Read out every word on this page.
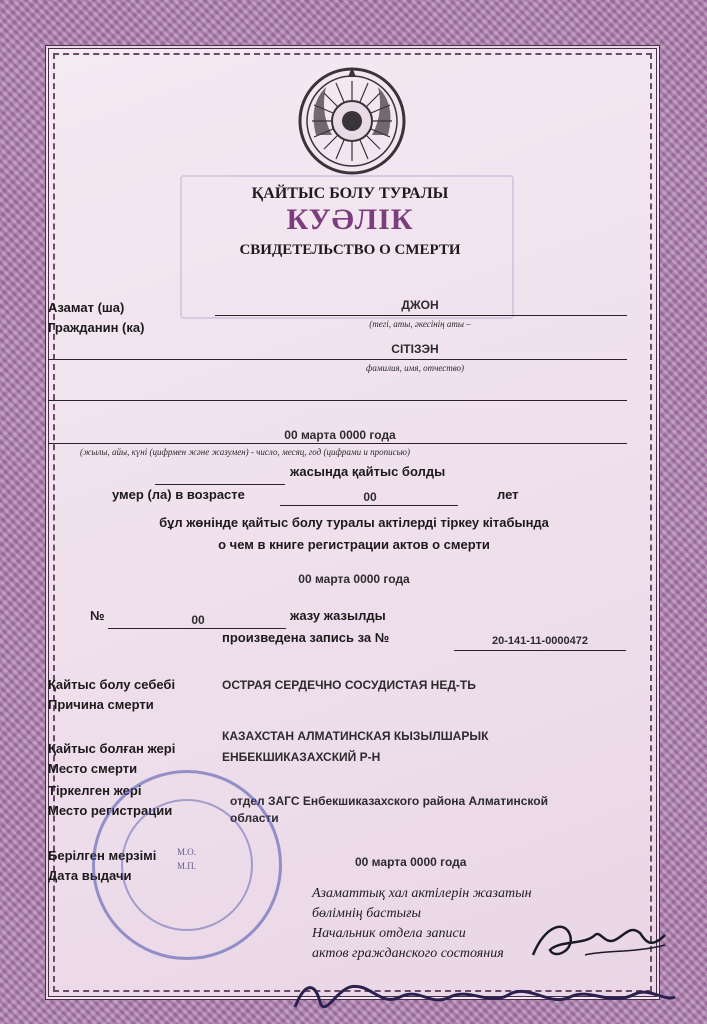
ҚАЙТЫС БОЛУ ТУРАЛЫ
КУӘЛІК
СВИДЕТЕЛЬСТВО О СМЕРТИ
Азамат (ша)
Гражданин (ка)
ДЖОН
(тегі, аты, әкесінің аты –
СІТІЗЭН
фамилия, имя, отчество)
00 марта 0000 года
(жылы, айы, күні (цифрмен және жазумен) - число, месяц, год (цифрами и прописью)
жасында қайтыс болды
умер (ла) в возрасте	00	лет
бұл жөнінде қайтыс болу туралы актілерді тіркеу кітабында
о чем в книге регистрации актов о смерти
00 марта 0000 года
№	00	жазу жазылды
произведена запись за №	20-141-11-0000472
Қайтыс болу себебі
Причина смерти
ОСТРАЯ СЕРДЕЧНО СОСУДИСТАЯ НЕД-ТЬ
Қайтыс болған жері
Место смерти
КАЗАХСТАН АЛМАТИНСКАЯ КЫЗЫЛШАРЫК
ЕНБЕКШИКАЗАХСКИЙ Р-Н
Тіркелген жері
Место регистрации
отдел ЗАГС Енбекшиказахского района Алматинской
области
Берілген мерзімі
Дата выдачи
00 марта 0000 года
М.О.
М.П.
Азаматтық хал актілерін жазатын
бөлімнің бастығы
Начальник отдела записи
актов гражданского состояния
